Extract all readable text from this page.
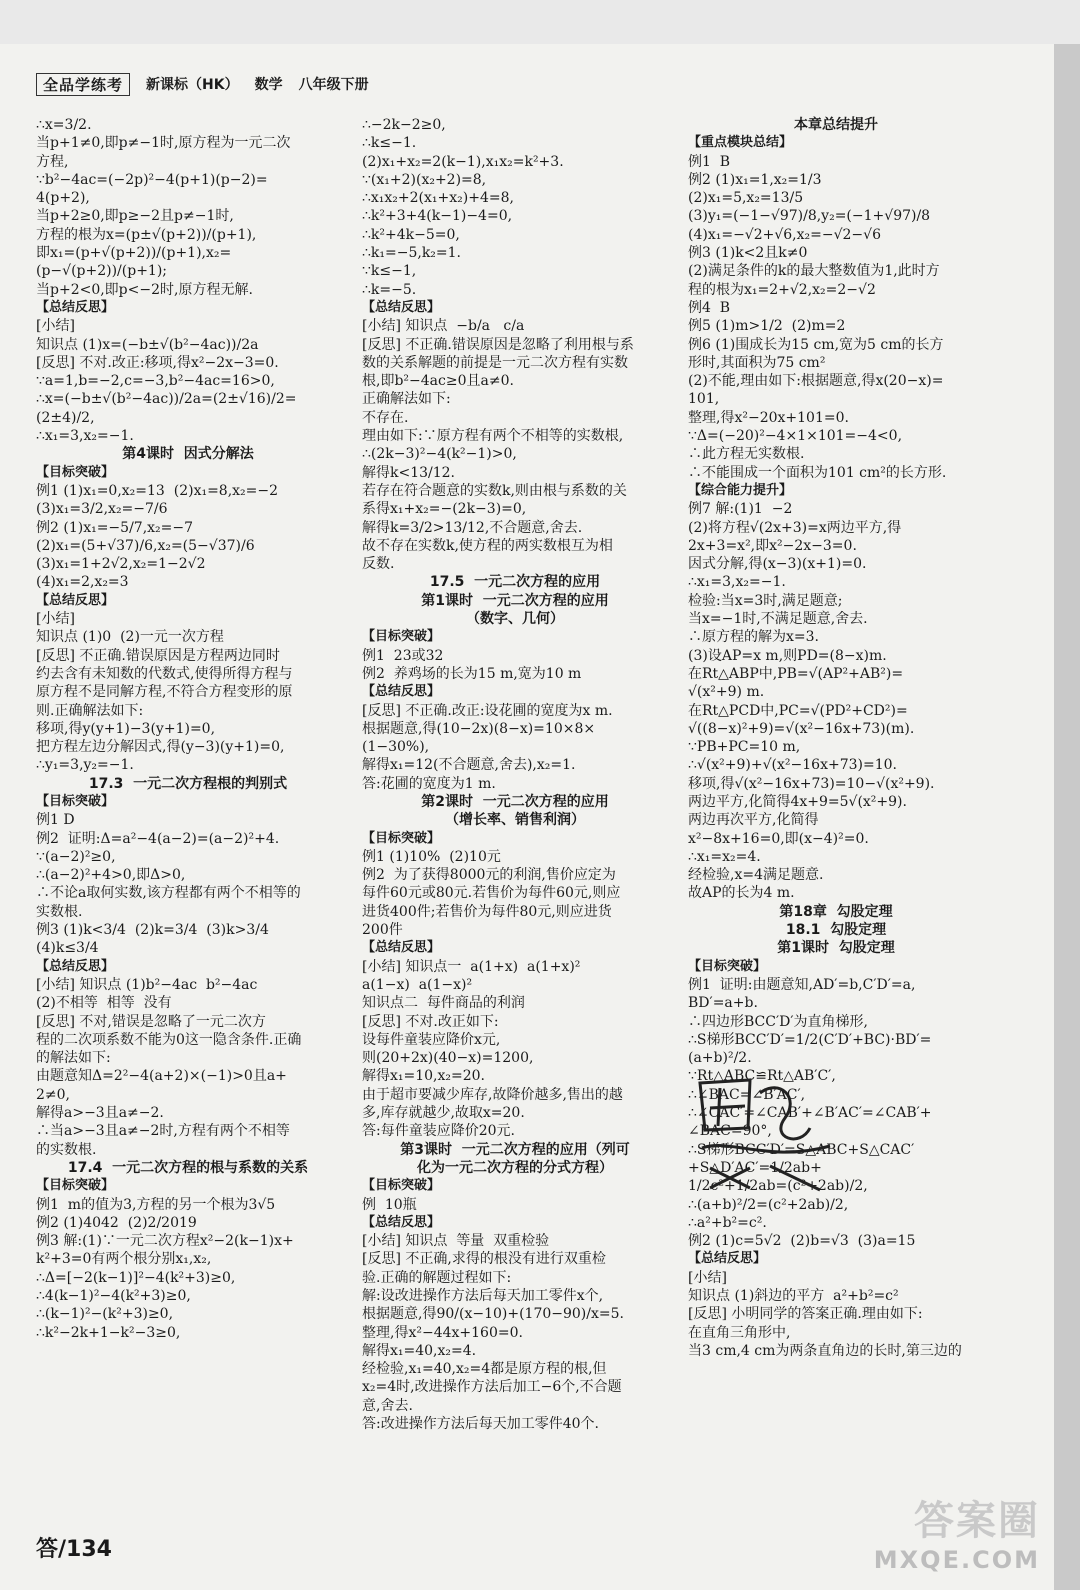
全品学练考	新课标（HK） 数学 八年级下册
∴x=3/2.
当p+1≠0,即p≠−1时,原方程为一元二次
方程,
∵b²−4ac=(−2p)²−4(p+1)(p−2)=
4(p+2),
当p+2≥0,即p≥−2且p≠−1时,
方程的根为x=(p±√(p+2))/(p+1),
即x₁=(p+√(p+2))/(p+1),x₂=(p−√(p+2))/(p+1);
当p+2<0,即p<−2时,原方程无解.
【总结反思】
[小结]
知识点 (1)x=(−b±√(b²−4ac))/2a
[反思] 不对.改正:移项,得x²−2x−3=0.
∵a=1,b=−2,c=−3,b²−4ac=16>0,
∴x=(−b±√(b²−4ac))/2a=(2±√16)/2=(2±4)/2,
∴x₁=3,x₂=−1.
第4课时  因式分解法
【目标突破】
例1 (1)x₁=0,x₂=13  (2)x₁=8,x₂=−2
(3)x₁=3/2,x₂=−7/6
例2 (1)x₁=−5/7,x₂=−7
(2)x₁=(5+√37)/6,x₂=(5−√37)/6
(3)x₁=1+2√2,x₂=1−2√2
(4)x₁=2,x₂=3
【总结反思】
[小结]
知识点 (1)0  (2)一元一次方程
[反思] 不正确.错误原因是方程两边同时
约去含有未知数的代数式,使得所得方程与
原方程不是同解方程,不符合方程变形的原
则.正确解法如下:
移项,得y(y+1)−3(y+1)=0,
把方程左边分解因式,得(y−3)(y+1)=0,
∴y₁=3,y₂=−1.
17.3  一元二次方程根的判别式
【目标突破】
例1 D
例2  证明:Δ=a²−4(a−2)=(a−2)²+4.
∵(a−2)²≥0,
∴(a−2)²+4>0,即Δ>0,
∴不论a取何实数,该方程都有两个不相等的
实数根.
例3 (1)k<3/4  (2)k=3/4  (3)k>3/4
(4)k≤3/4
【总结反思】
[小结] 知识点 (1)b²−4ac  b²−4ac
(2)不相等  相等  没有
[反思] 不对,错误是忽略了一元二次方
程的二次项系数不能为0这一隐含条件.正确
的解法如下:
由题意知Δ=2²−4(a+2)×(−1)>0且a+
2≠0,
解得a>−3且a≠−2.
∴当a>−3且a≠−2时,方程有两个不相等
的实数根.
17.4  一元二次方程的根与系数的关系
【目标突破】
例1  m的值为3,方程的另一个根为3√5
例2 (1)4042  (2)2/2019
例3 解:(1)∵一元二次方程x²−2(k−1)x+
k²+3=0有两个根分别x₁,x₂,
∴Δ=[−2(k−1)]²−4(k²+3)≥0,
∴4(k−1)²−4(k²+3)≥0,
∴(k−1)²−(k²+3)≥0,
∴k²−2k+1−k²−3≥0,
∴−2k−2≥0,
∴k≤−1.
(2)x₁+x₂=2(k−1),x₁x₂=k²+3.
∵(x₁+2)(x₂+2)=8,
∴x₁x₂+2(x₁+x₂)+4=8,
∴k²+3+4(k−1)−4=0,
∴k²+4k−5=0,
∴k₁=−5,k₂=1.
∵k≤−1,
∴k=−5.
【总结反思】
[小结] 知识点  −b/a   c/a
[反思] 不正确.错误原因是忽略了利用根与系
数的关系解题的前提是一元二次方程有实数
根,即b²−4ac≥0且a≠0.
正确解法如下:
不存在.
理由如下:∵原方程有两个不相等的实数根,
∴(2k−3)²−4(k²−1)>0,
解得k<13/12.
若存在符合题意的实数k,则由根与系数的关
系得x₁+x₂=−(2k−3)=0,
解得k=3/2>13/12,不合题意,舍去.
故不存在实数k,使方程的两实数根互为相
反数.
17.5  一元二次方程的应用
第1课时  一元二次方程的应用
（数字、几何）
【目标突破】
例1  23或32
例2  养鸡场的长为15 m,宽为10 m
【总结反思】
[反思] 不正确.改正:设花圃的宽度为x m.
根据题意,得(10−2x)(8−x)=10×8×
(1−30%),
解得x₁=12(不合题意,舍去),x₂=1.
答:花圃的宽度为1 m.
第2课时  一元二次方程的应用
（增长率、销售利润）
【目标突破】
例1 (1)10%  (2)10元
例2  为了获得8000元的利润,售价应定为
每件60元或80元.若售价为每件60元,则应
进货400件;若售价为每件80元,则应进货
200件
【总结反思】
[小结] 知识点一  a(1+x)  a(1+x)²
a(1−x)  a(1−x)²
知识点二  每件商品的利润
[反思] 不对.改正如下:
设每件童装应降价x元,
则(20+2x)(40−x)=1200,
解得x₁=10,x₂=20.
由于超市要减少库存,故降价越多,售出的越
多,库存就越少,故取x=20.
答:每件童装应降价20元.
第3课时  一元二次方程的应用（列可
化为一元二次方程的分式方程）
【目标突破】
例  10瓶
【总结反思】
[小结] 知识点  等量  双重检验
[反思] 不正确,求得的根没有进行双重检
验.正确的解题过程如下:
解:设改进操作方法后每天加工零件x个,
根据题意,得90/(x−10)+(170−90)/x=5.
整理,得x²−44x+160=0.
解得x₁=40,x₂=4.
经检验,x₁=40,x₂=4都是原方程的根,但
x₂=4时,改进操作方法后加工−6个,不合题
意,舍去.
答:改进操作方法后每天加工零件40个.
本章总结提升
【重点模块总结】
例1  B
例2 (1)x₁=1,x₂=1/3
(2)x₁=5,x₂=13/5
(3)y₁=(−1−√97)/8,y₂=(−1+√97)/8
(4)x₁=−√2+√6,x₂=−√2−√6
例3 (1)k<2且k≠0
(2)满足条件的k的最大整数值为1,此时方
程的根为x₁=2+√2,x₂=2−√2
例4  B
例5 (1)m>1/2  (2)m=2
例6 (1)围成长为15 cm,宽为5 cm的长方
形时,其面积为75 cm²
(2)不能,理由如下:根据题意,得x(20−x)=
101,
整理,得x²−20x+101=0.
∵Δ=(−20)²−4×1×101=−4<0,
∴此方程无实数根.
∴不能围成一个面积为101 cm²的长方形.
【综合能力提升】
例7 解:(1)1  −2
(2)将方程√(2x+3)=x两边平方,得
2x+3=x²,即x²−2x−3=0.
因式分解,得(x−3)(x+1)=0.
∴x₁=3,x₂=−1.
检验:当x=3时,满足题意;
当x=−1时,不满足题意,舍去.
∴原方程的解为x=3.
(3)设AP=x m,则PD=(8−x)m.
在Rt△ABP中,PB=√(AP²+AB²)=
√(x²+9) m.
在Rt△PCD中,PC=√(PD²+CD²)=
√((8−x)²+9)=√(x²−16x+73)(m).
∵PB+PC=10 m,
∴√(x²+9)+√(x²−16x+73)=10.
移项,得√(x²−16x+73)=10−√(x²+9).
两边平方,化简得4x+9=5√(x²+9).
两边再次平方,化简得
x²−8x+16=0,即(x−4)²=0.
∴x₁=x₂=4.
经检验,x=4满足题意.
故AP的长为4 m.
第18章  勾股定理
18.1  勾股定理
第1课时  勾股定理
【目标突破】
例1  证明:由题意知,AD′=b,C′D′=a,
BD′=a+b.
∴四边形BCC′D′为直角梯形,
∴S梯形BCC′D′=1/2(C′D′+BC)·BD′=(a+b)²/2.
∵Rt△ABC≌Rt△AB′C′,
∴∠BAC=∠B′AC′,
∴∠CAC′=∠CAB′+∠B′AC′=∠CAB′+
∠BAC=90°,
∴S梯形BCC′D′=S△ABC+S△CAC′+S△D′AC′=1/2ab+
1/2c²+1/2ab=(c²+2ab)/2,
∴(a+b)²/2=(c²+2ab)/2,
∴a²+b²=c².
例2 (1)c=5√2  (2)b=√3  (3)a=15
【总结反思】
[小结]
知识点 (1)斜边的平方  a²+b²=c²
[反思] 小明同学的答案正确.理由如下:
在直角三角形中,
当3 cm,4 cm为两条直角边的长时,第三边的
答/134
答案圈
MXQE.COM
